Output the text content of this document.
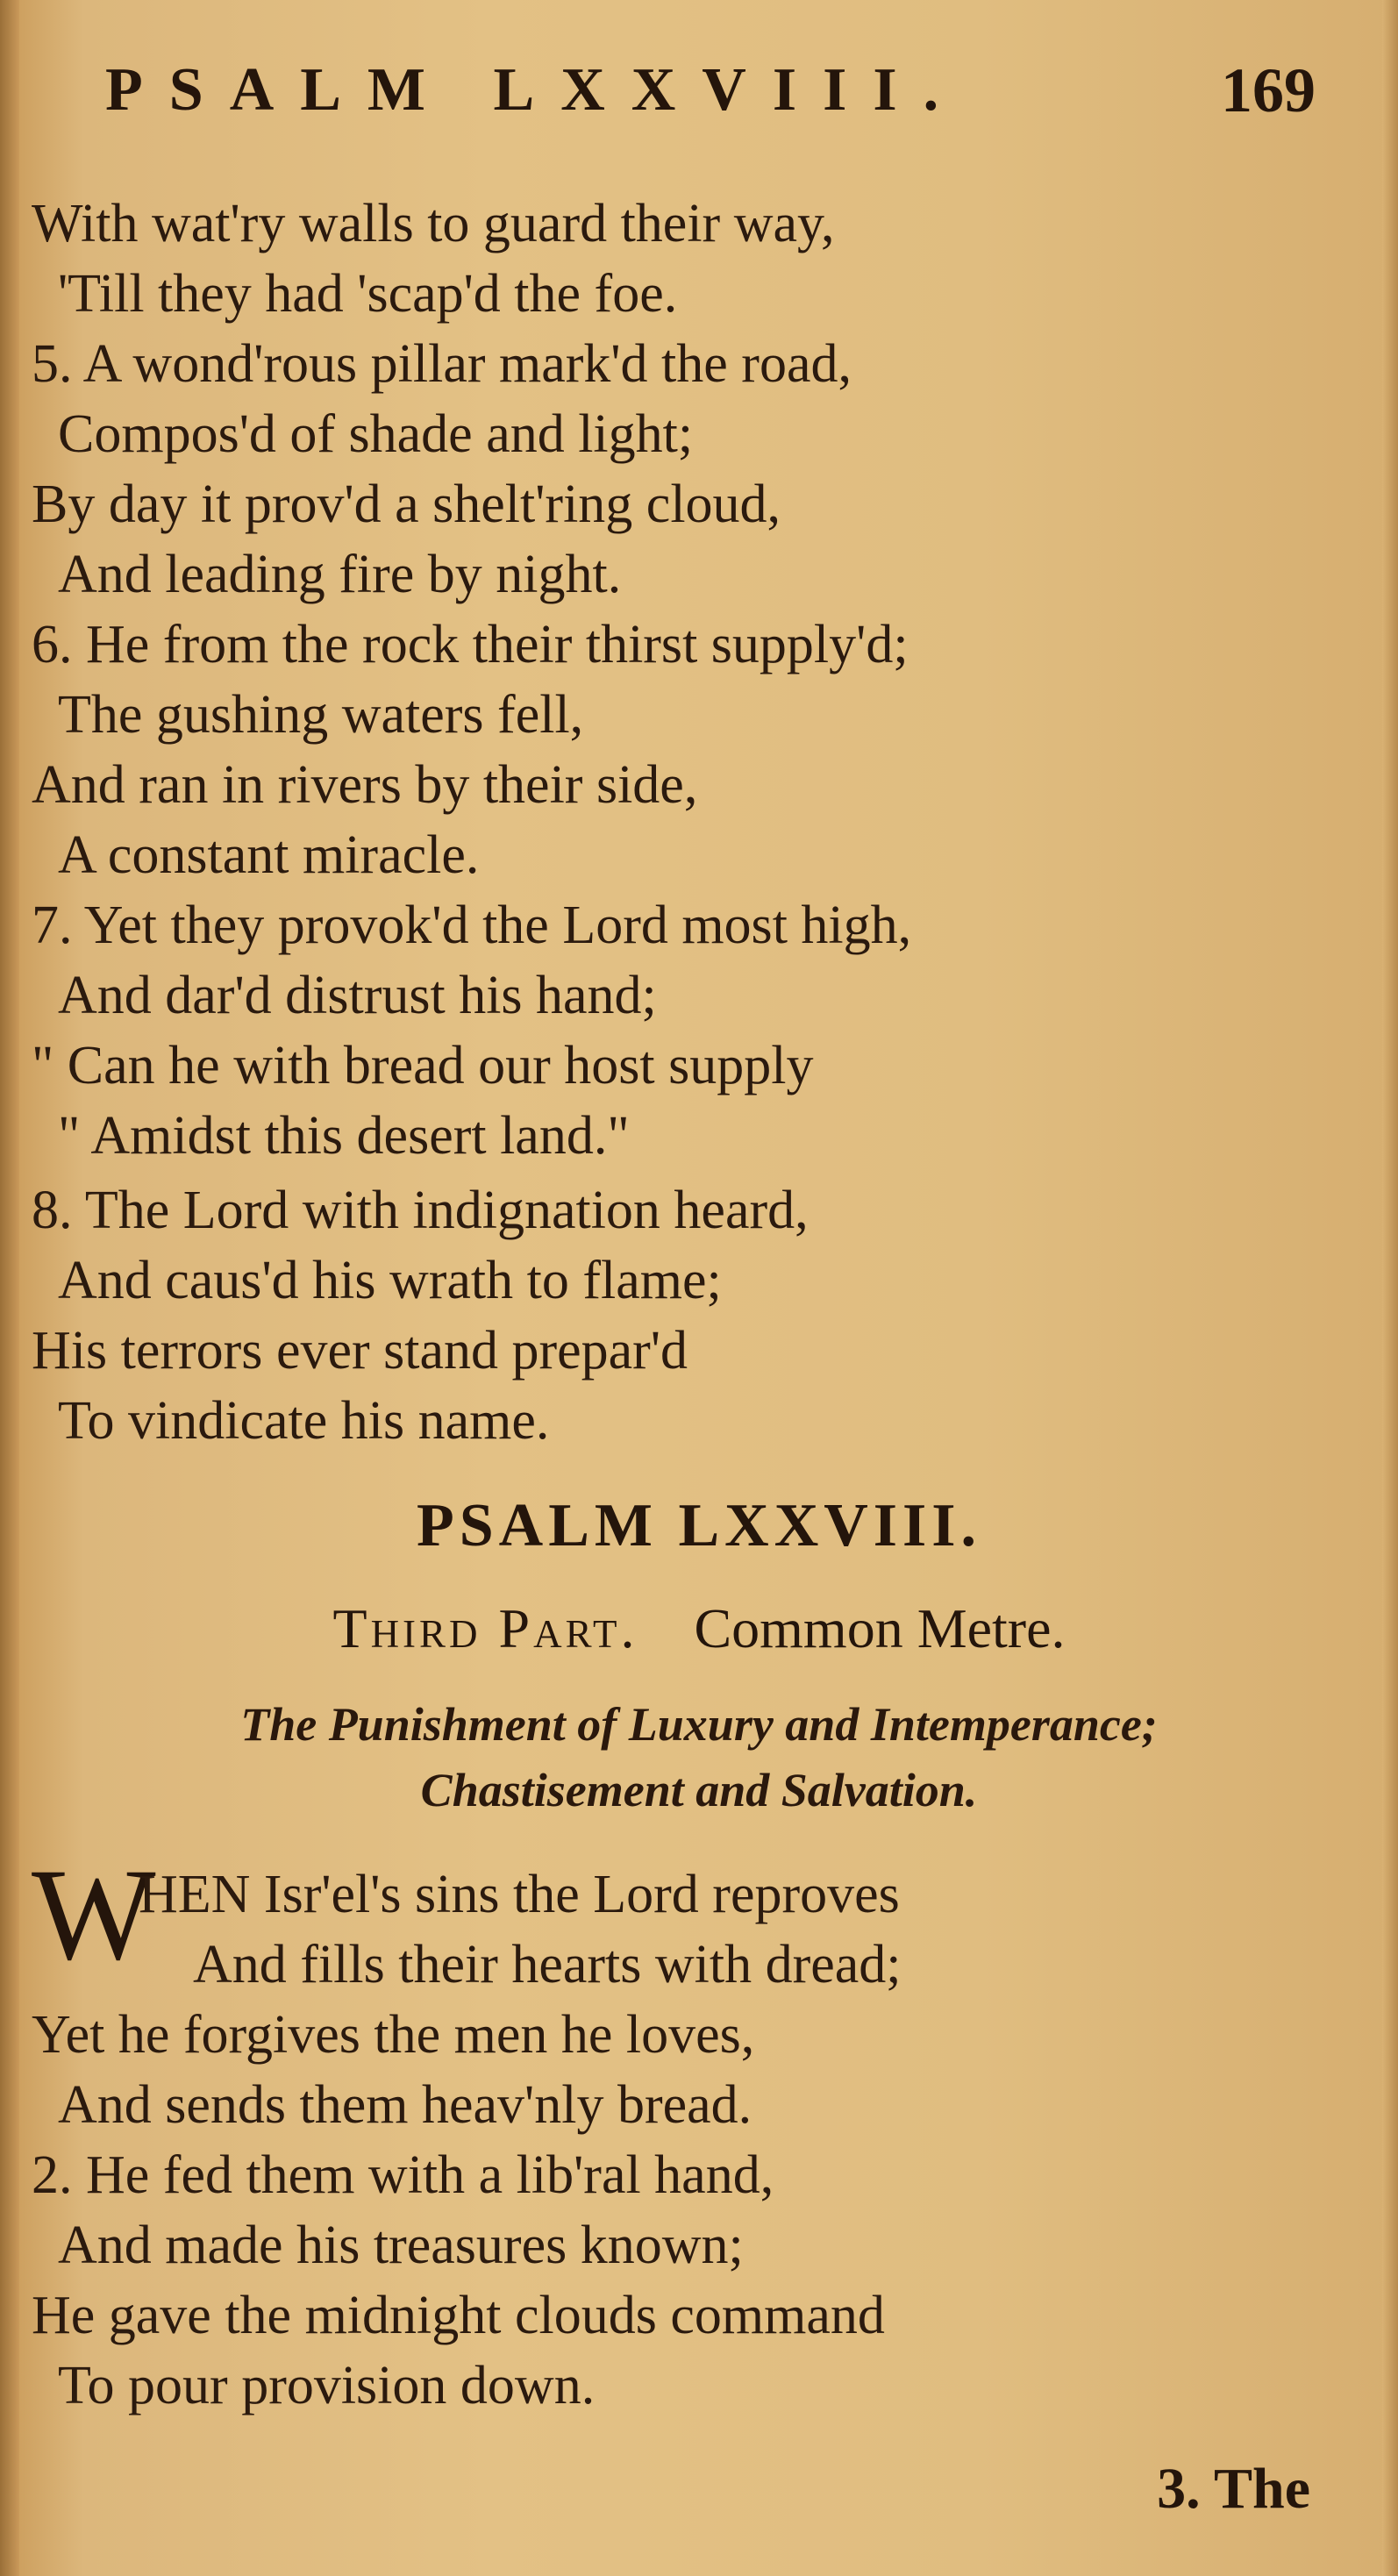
PSALM LXXVIII.	169
With wat'ry walls to guard their way,
'Till they had 'scap'd the foe.
5. A wond'rous pillar mark'd the road,
Compos'd of shade and light;
By day it prov'd a shelt'ring cloud,
And leading fire by night.
6. He from the rock their thirst supply'd;
The gushing waters fell,
And ran in rivers by their side,
A constant miracle.
7. Yet they provok'd the Lord most high,
And dar'd distrust his hand;
" Can he with bread our host supply
" Amidst this desert land."
8. The Lord with indignation heard,
And caus'd his wrath to flame;
His terrors ever stand prepar'd
To vindicate his name.
PSALM LXXVIII.
Third Part. Common Metre.
The Punishment of Luxury and Intemperance;
Chastisement and Salvation.
W
HEN Isr'el's sins the Lord reproves
And fills their hearts with dread;
Yet he forgives the men he loves,
And sends them heav'nly bread.
2. He fed them with a lib'ral hand,
And made his treasures known;
He gave the midnight clouds command
To pour provision down.
3. The
